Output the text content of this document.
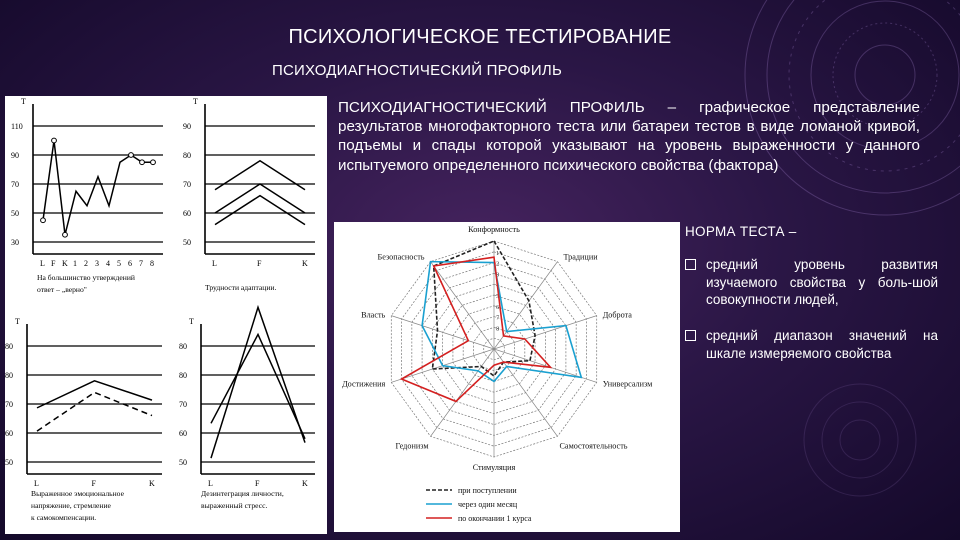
ПСИХОЛОГИЧЕСКОЕ ТЕСТИРОВАНИЕ
ПСИХОДИАГНОСТИЧЕСКИЙ ПРОФИЛЬ
ПСИХОДИАГНОСТИЧЕСКИЙ ПРОФИЛЬ – графическое представление результатов многофакторного теста или батареи тестов в виде ломаной кривой, подъемы и спады которой указывают на уровень выраженности у данного испытуемого определенного психического свойства (фактора)
T
110
90
70
50
30
L F K 1 2 3 4 5 6 7 8
На большинство утверждений
ответ – „верно"
T
90
80
70
60
50
L	F	K
Трудности адаптации.
T
80
80
70
60
50
L	F	K
Выраженное эмоциональное
напряжение, стремление
к самокомпенсации.
T
80
80
70
60
50
L	F	K
Дезинтеграция личности,
выраженный стресс.
1
2
3
4
5
6
7
8
Конформность
Традиции
Доброта
Универсализм
Самостоятельность
Стимуляция
Гедонизм
Достижения
Власть
Безопасность
при поступлении
через один месяц
по окончании 1 курса
НОРМА ТЕСТА –
средний уровень развития изучаемого свойства у боль-шой совокупности людей,
средний диапазон значений на шкале измеряемого свойства
